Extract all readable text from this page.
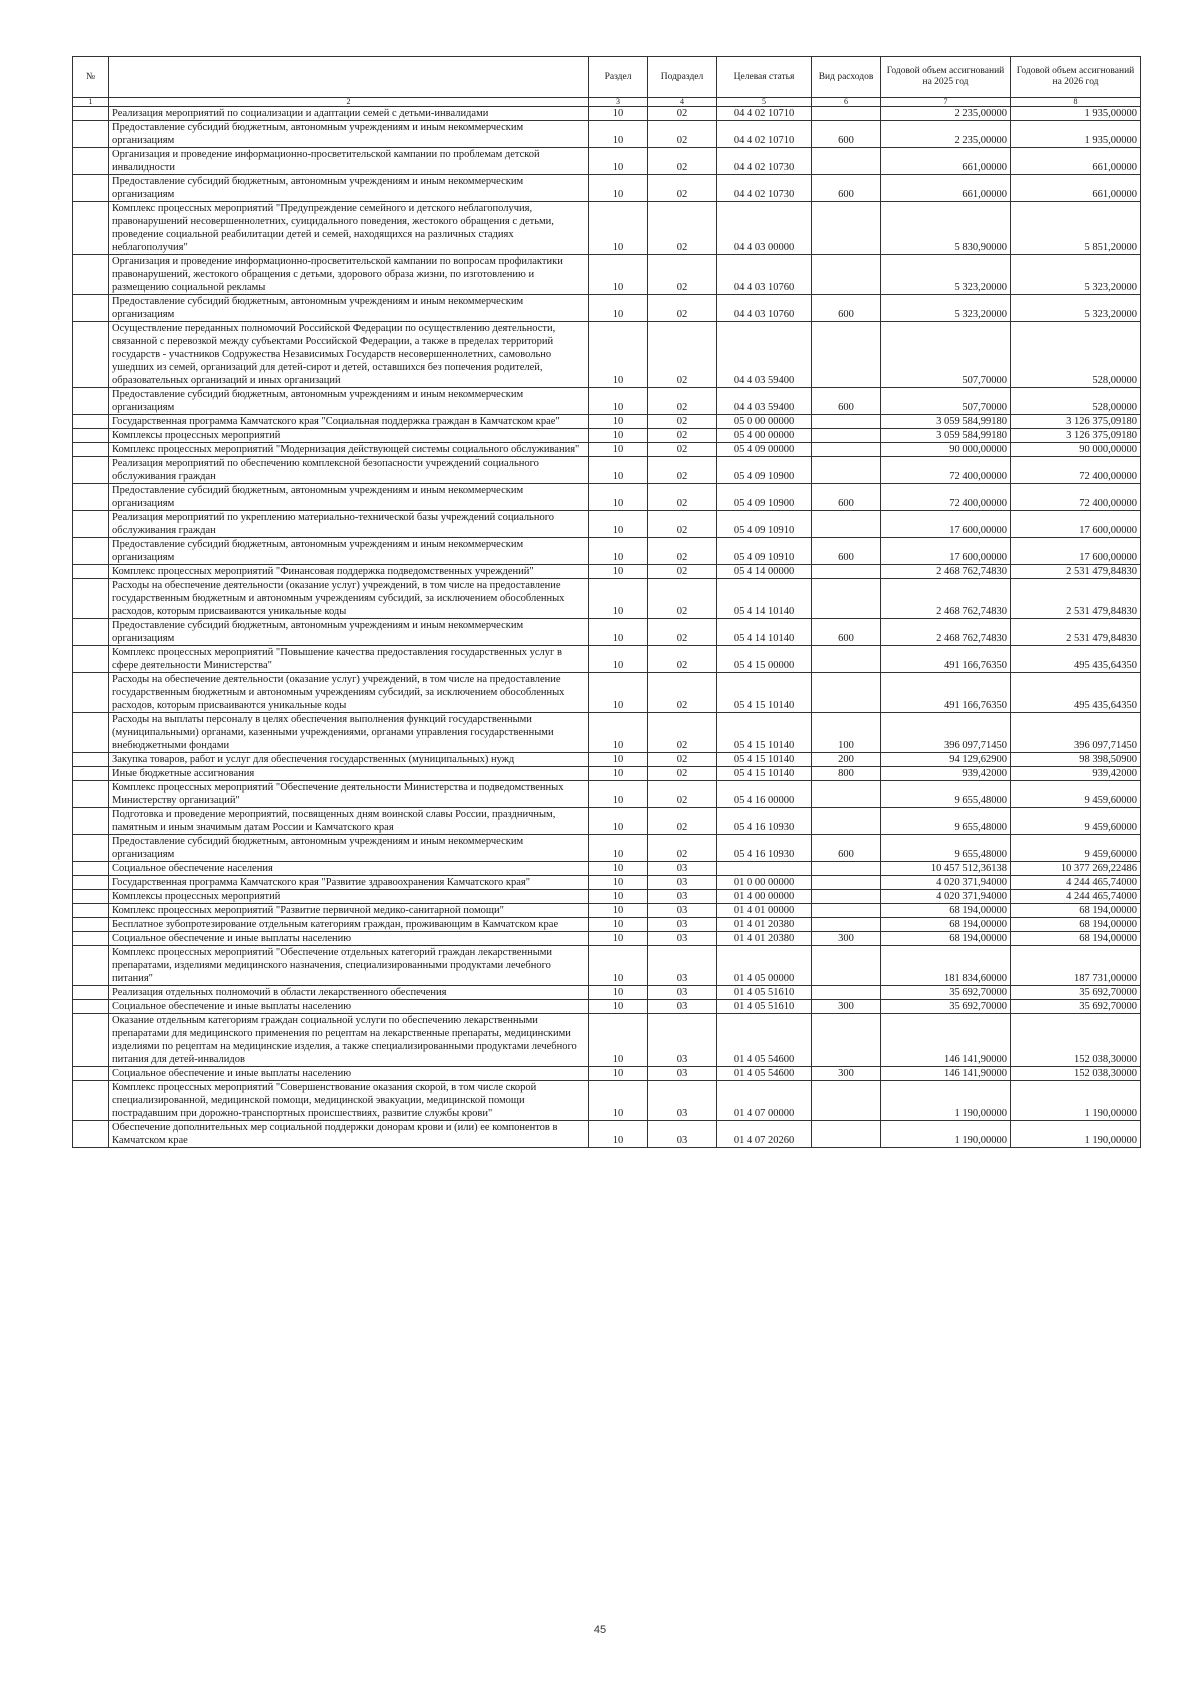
№		Раздел	Подраздел	Целевая статья	Вид расходов	Годовой объем ассигнований на 2025 год	Годовой объем ассигнований на 2026 год
1	2	3	4	5	6	7	8
	Реализация мероприятий по социализации и адаптации семей с детьми-инвалидами	10	02	04 4 02 10710		2 235,00000	1 935,00000
	Предоставление субсидий бюджетным, автономным учреждениям и иным некоммерческим организациям	10	02	04 4 02 10710	600	2 235,00000	1 935,00000
	Организация и проведение информационно-просветительской кампании по проблемам детской инвалидности	10	02	04 4 02 10730		661,00000	661,00000
	Предоставление субсидий бюджетным, автономным учреждениям и иным некоммерческим организациям	10	02	04 4 02 10730	600	661,00000	661,00000
	Комплекс процессных мероприятий "Предупреждение семейного и детского неблагополучия, правонарушений несовершеннолетних, суицидального поведения, жестокого обращения с детьми, проведение социальной реабилитации детей и семей, находящихся на различных стадиях неблагополучия"	10	02	04 4 03 00000		5 830,90000	5 851,20000
	Организация и проведение информационно-просветительской кампании по вопросам профилактики правонарушений, жестокого обращения с детьми, здорового образа жизни, по изготовлению и размещению социальной рекламы	10	02	04 4 03 10760		5 323,20000	5 323,20000
	Предоставление субсидий бюджетным, автономным учреждениям и иным некоммерческим организациям	10	02	04 4 03 10760	600	5 323,20000	5 323,20000
	Осуществление переданных полномочий Российской Федерации по осуществлению деятельности, связанной с перевозкой между субъектами Российской Федерации, а также в пределах территорий государств - участников Содружества Независимых Государств несовершеннолетних, самовольно ушедших из семей, организаций для детей-сирот и детей, оставшихся без попечения родителей, образовательных организаций и иных организаций	10	02	04 4 03 59400		507,70000	528,00000
	Предоставление субсидий бюджетным, автономным учреждениям и иным некоммерческим организациям	10	02	04 4 03 59400	600	507,70000	528,00000
	Государственная программа Камчатского края "Социальная поддержка граждан в Камчатском крае"	10	02	05 0 00 00000		3 059 584,99180	3 126 375,09180
	Комплексы процессных мероприятий	10	02	05 4 00 00000		3 059 584,99180	3 126 375,09180
	Комплекс процессных мероприятий "Модернизация действующей системы социального обслуживания"	10	02	05 4 09 00000		90 000,00000	90 000,00000
	Реализация мероприятий по обеспечению комплексной безопасности учреждений социального обслуживания граждан	10	02	05 4 09 10900		72 400,00000	72 400,00000
	Предоставление субсидий бюджетным, автономным учреждениям и иным некоммерческим организациям	10	02	05 4 09 10900	600	72 400,00000	72 400,00000
	Реализация мероприятий по укреплению материально-технической базы учреждений социального обслуживания граждан	10	02	05 4 09 10910		17 600,00000	17 600,00000
	Предоставление субсидий бюджетным, автономным учреждениям и иным некоммерческим организациям	10	02	05 4 09 10910	600	17 600,00000	17 600,00000
	Комплекс процессных мероприятий "Финансовая поддержка подведомственных учреждений"	10	02	05 4 14 00000		2 468 762,74830	2 531 479,84830
	Расходы на обеспечение деятельности (оказание услуг) учреждений, в том числе на предоставление государственным бюджетным и автономным учреждениям субсидий, за исключением обособленных расходов, которым присваиваются уникальные коды	10	02	05 4 14 10140		2 468 762,74830	2 531 479,84830
	Предоставление субсидий бюджетным, автономным учреждениям и иным некоммерческим организациям	10	02	05 4 14 10140	600	2 468 762,74830	2 531 479,84830
	Комплекс процессных мероприятий "Повышение качества предоставления государственных услуг в сфере деятельности Министерства"	10	02	05 4 15 00000		491 166,76350	495 435,64350
	Расходы на обеспечение деятельности (оказание услуг) учреждений, в том числе на предоставление государственным бюджетным и автономным учреждениям субсидий, за исключением обособленных расходов, которым присваиваются уникальные коды	10	02	05 4 15 10140		491 166,76350	495 435,64350
	Расходы на выплаты персоналу в целях обеспечения выполнения функций государственными (муниципальными) органами, казенными учреждениями, органами управления государственными внебюджетными фондами	10	02	05 4 15 10140	100	396 097,71450	396 097,71450
	Закупка товаров, работ и услуг для обеспечения государственных (муниципальных) нужд	10	02	05 4 15 10140	200	94 129,62900	98 398,50900
	Иные бюджетные ассигнования	10	02	05 4 15 10140	800	939,42000	939,42000
	Комплекс процессных мероприятий "Обеспечение деятельности Министерства и подведомственных Министерству организаций"	10	02	05 4 16 00000		9 655,48000	9 459,60000
	Подготовка и проведение мероприятий, посвященных дням воинской славы России, праздничным, памятным и иным значимым датам России и Камчатского края	10	02	05 4 16 10930		9 655,48000	9 459,60000
	Предоставление субсидий бюджетным, автономным учреждениям и иным некоммерческим организациям	10	02	05 4 16 10930	600	9 655,48000	9 459,60000
	Социальное обеспечение населения	10	03			10 457 512,36138	10 377 269,22486
	Государственная программа Камчатского края "Развитие здравоохранения Камчатского края"	10	03	01 0 00 00000		4 020 371,94000	4 244 465,74000
	Комплексы процессных мероприятий	10	03	01 4 00 00000		4 020 371,94000	4 244 465,74000
	Комплекс процессных мероприятий "Развитие первичной медико-санитарной помощи"	10	03	01 4 01 00000		68 194,00000	68 194,00000
	Бесплатное зубопротезирование отдельным категориям граждан, проживающим в Камчатском крае	10	03	01 4 01 20380		68 194,00000	68 194,00000
	Социальное обеспечение и иные выплаты населению	10	03	01 4 01 20380	300	68 194,00000	68 194,00000
	Комплекс процессных мероприятий "Обеспечение отдельных категорий граждан лекарственными препаратами, изделиями медицинского назначения, специализированными продуктами лечебного питания"	10	03	01 4 05 00000		181 834,60000	187 731,00000
	Реализация отдельных полномочий в области лекарственного обеспечения	10	03	01 4 05 51610		35 692,70000	35 692,70000
	Социальное обеспечение и иные выплаты населению	10	03	01 4 05 51610	300	35 692,70000	35 692,70000
	Оказание отдельным категориям граждан социальной услуги по обеспечению лекарственными препаратами для медицинского применения по рецептам на лекарственные препараты, медицинскими изделиями по рецептам на медицинские изделия, а также специализированными продуктами лечебного питания для детей-инвалидов	10	03	01 4 05 54600		146 141,90000	152 038,30000
	Социальное обеспечение и иные выплаты населению	10	03	01 4 05 54600	300	146 141,90000	152 038,30000
	Комплекс процессных мероприятий "Совершенствование оказания скорой, в том числе скорой специализированной, медицинской помощи, медицинской эвакуации, медицинской помощи пострадавшим при дорожно-транспортных происшествиях, развитие службы крови"	10	03	01 4 07 00000		1 190,00000	1 190,00000
	Обеспечение дополнительных мер социальной поддержки донорам крови и (или) ее компонентов в Камчатском крае	10	03	01 4 07 20260		1 190,00000	1 190,00000
45
